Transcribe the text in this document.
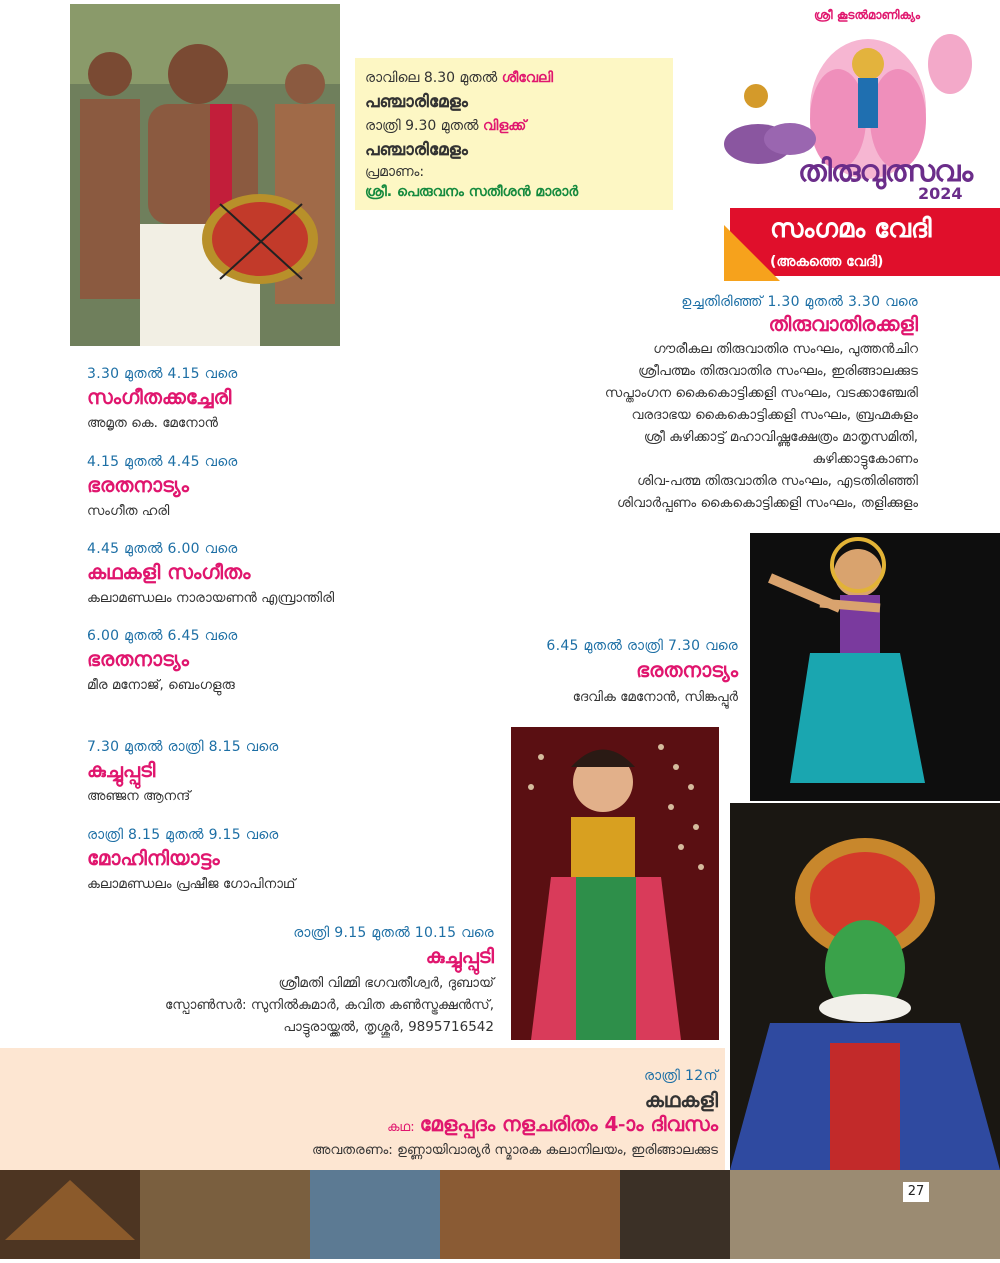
രാവിലെ 8.30 മുതൽ ശീവേലി
പഞ്ചാരിമേളം
രാത്രി 9.30 മുതൽ വിളക്ക്
പഞ്ചാരിമേളം
പ്രമാണം:
ശ്രീ. പെരുവനം സതീശൻ മാരാർ
ശ്രീ കൂടൽമാണിക്യം
തിരുവുത്സവം
2024
സംഗമം വേദി
(അകത്തെ വേദി)
ഉച്ചതിരിഞ്ഞ് 1.30 മുതൽ 3.30 വരെ
തിരുവാതിരക്കളി
ഗൗരീകല തിരുവാതിര സംഘം, പുത്തൻചിറ
ശ്രീപത്മം തിരുവാതിര സംഘം, ഇരിങ്ങാലക്കുട
സപ്താംഗന കൈകൊട്ടിക്കളി സംഘം, വടക്കാഞ്ചേരി
വരദാഭയ കൈകൊട്ടിക്കളി സംഘം, ബ്രഹ്മകുളം
ശ്രീ കുഴിക്കാട്ട് മഹാവിഷ്ണുക്ഷേത്രം മാതൃസമിതി,
കുഴിക്കാട്ടുകോണം
ശിവ-പത്മ തിരുവാതിര സംഘം, എടതിരിഞ്ഞി
ശിവാർപ്പണം കൈകൊട്ടിക്കളി സംഘം, തളിക്കുളം
3.30 മുതൽ 4.15 വരെ
സംഗീതക്കച്ചേരി
അമൃത കെ. മേനോൻ
4.15 മുതൽ 4.45 വരെ
ഭരതനാട്യം
സംഗീത ഹരി
4.45 മുതൽ 6.00 വരെ
കഥകളി സംഗീതം
കലാമണ്ഡലം നാരായണൻ എമ്പ്രാന്തിരി
6.00 മുതൽ 6.45 വരെ
ഭരതനാട്യം
മീര മനോജ്, ബെംഗളുരു
7.30 മുതൽ രാത്രി 8.15 വരെ
കുച്ചുപ്പുടി
അഞ്ജന ആനന്ദ്
രാത്രി 8.15 മുതൽ 9.15 വരെ
മോഹിനിയാട്ടം
കലാമണ്ഡലം പ്രഷീജ ഗോപിനാഥ്
6.45 മുതൽ രാത്രി 7.30 വരെ
ഭരതനാട്യം
ദേവിക മേനോൻ, സിങ്കപ്പൂർ
രാത്രി 9.15 മുതൽ 10.15 വരെ
കുച്ചുപ്പുടി
ശ്രീമതി വിമ്മി ഭഗവതീശ്വർ, ദുബായ്
സ്പോൺസർ: സുനിൽകുമാർ, കവിത കൺസ്ട്രക്ഷൻസ്,
പാട്ടുരായ്ക്കൽ, തൃശ്ശൂർ, 9895716542
രാത്രി 12ന്
കഥകളി
കഥ: മേളപ്പദം നളചരിതം 4-ാം ദിവസം
അവതരണം: ഉണ്ണായിവാര്യർ സ്മാരക കലാനിലയം, ഇരിങ്ങാലക്കുട
27
